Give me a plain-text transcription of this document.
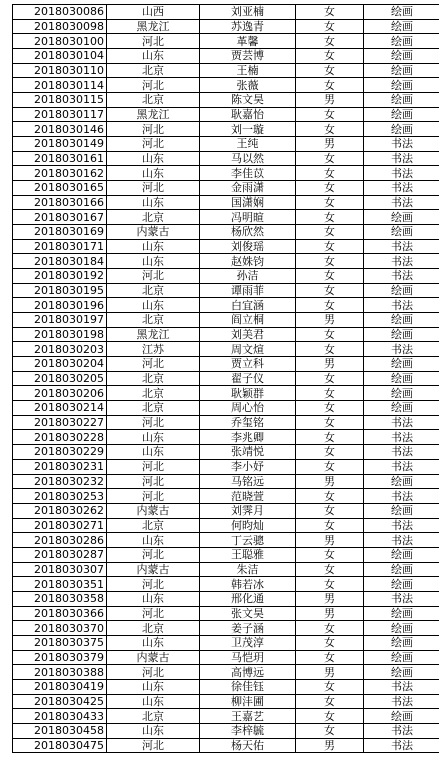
2018030086	山西	刘亚楠	女	绘画
2018030098	黑龙江	苏逸青	女	绘画
2018030100	河北	革馨	女	绘画
2018030104	山东	贾芸博	女	绘画
2018030110	北京	王楠	女	绘画
2018030114	河北	张薇	女	绘画
2018030115	北京	陈文昊	男	绘画
2018030117	黑龙江	耿嘉怡	女	绘画
2018030146	河北	刘一璇	女	绘画
2018030149	河北	王纯	男	书法
2018030161	山东	马以然	女	书法
2018030162	山东	李佳苡	女	书法
2018030165	河北	金雨潇	女	书法
2018030166	山东	国潇娴	女	书法
2018030167	北京	冯明暄	女	绘画
2018030169	内蒙古	杨欣然	女	绘画
2018030171	山东	刘俊瑶	女	书法
2018030184	山东	赵姝钧	女	书法
2018030192	河北	孙洁	女	书法
2018030195	北京	谭雨菲	女	绘画
2018030196	山东	白宜涵	女	书法
2018030197	北京	阎立桐	男	绘画
2018030198	黑龙江	刘美君	女	绘画
2018030203	江苏	周文煊	女	书法
2018030204	河北	贾立科	男	绘画
2018030205	北京	翟子仪	女	绘画
2018030206	北京	耿颖群	女	绘画
2018030214	北京	周心怡	女	绘画
2018030227	河北	乔玺铭	女	书法
2018030228	山东	李兆卿	女	书法
2018030229	山东	张靖悦	女	书法
2018030231	河北	李小妤	女	书法
2018030232	河北	马铭远	男	绘画
2018030253	河北	范晓萱	女	书法
2018030262	内蒙古	刘霁月	女	绘画
2018030271	北京	何昀灿	女	书法
2018030286	山东	丁云骢	男	书法
2018030287	河北	王聪雅	女	绘画
2018030307	内蒙古	朱洁	女	绘画
2018030351	河北	韩若冰	女	绘画
2018030358	山东	邢化通	男	书法
2018030366	河北	张文昊	男	绘画
2018030370	北京	姜子涵	女	绘画
2018030375	山东	卫茂淳	女	绘画
2018030379	内蒙古	马恺玥	女	绘画
2018030388	河北	高博远	男	绘画
2018030419	山东	徐佳钰	女	书法
2018030425	山东	柳沣圃	女	书法
2018030433	北京	王嘉艺	女	绘画
2018030458	山东	李梓毓	女	书法
2018030475	河北	杨天佑	男	书法
